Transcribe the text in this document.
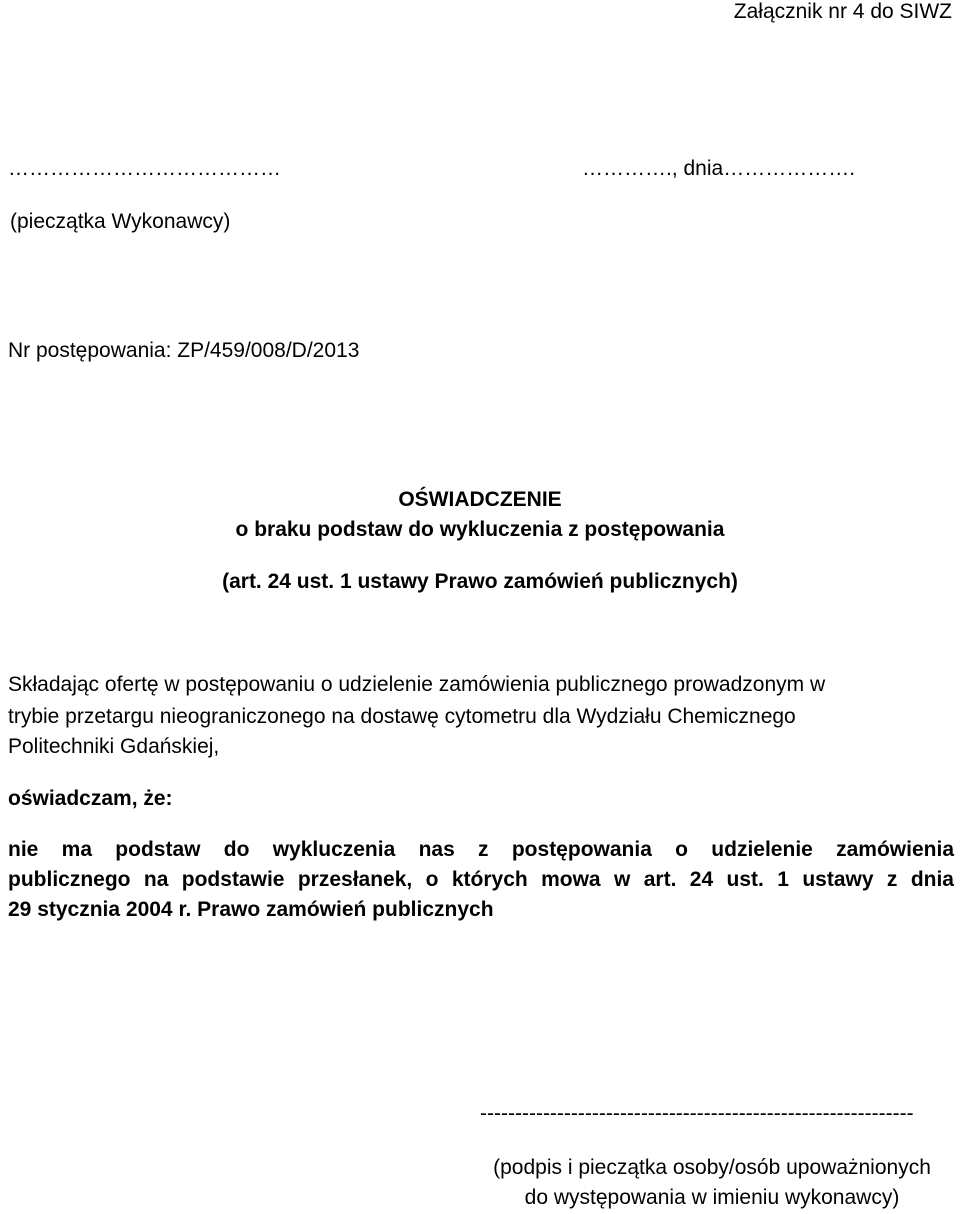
Załącznik nr 4 do SIWZ
…………………………………	…………., dnia……………….
(pieczątka Wykonawcy)
Nr postępowania: ZP/459/008/D/2013
OŚWIADCZENIE
o braku podstaw do wykluczenia z postępowania
(art. 24 ust. 1 ustawy Prawo zamówień publicznych)
Składając ofertę w postępowaniu o udzielenie zamówienia publicznego prowadzonym w
trybie przetargu nieograniczonego na dostawę cytometru dla Wydziału Chemicznego
Politechniki Gdańskiej,
oświadczam, że:
nie ma podstaw do wykluczenia nas z postępowania o udzielenie zamówienia
publicznego na podstawie przesłanek, o których mowa w art. 24 ust. 1 ustawy z dnia
29 stycznia 2004 r. Prawo zamówień publicznych
--------------------------------------------------------------
(podpis i pieczątka osoby/osób upoważnionych
do występowania w imieniu wykonawcy)
